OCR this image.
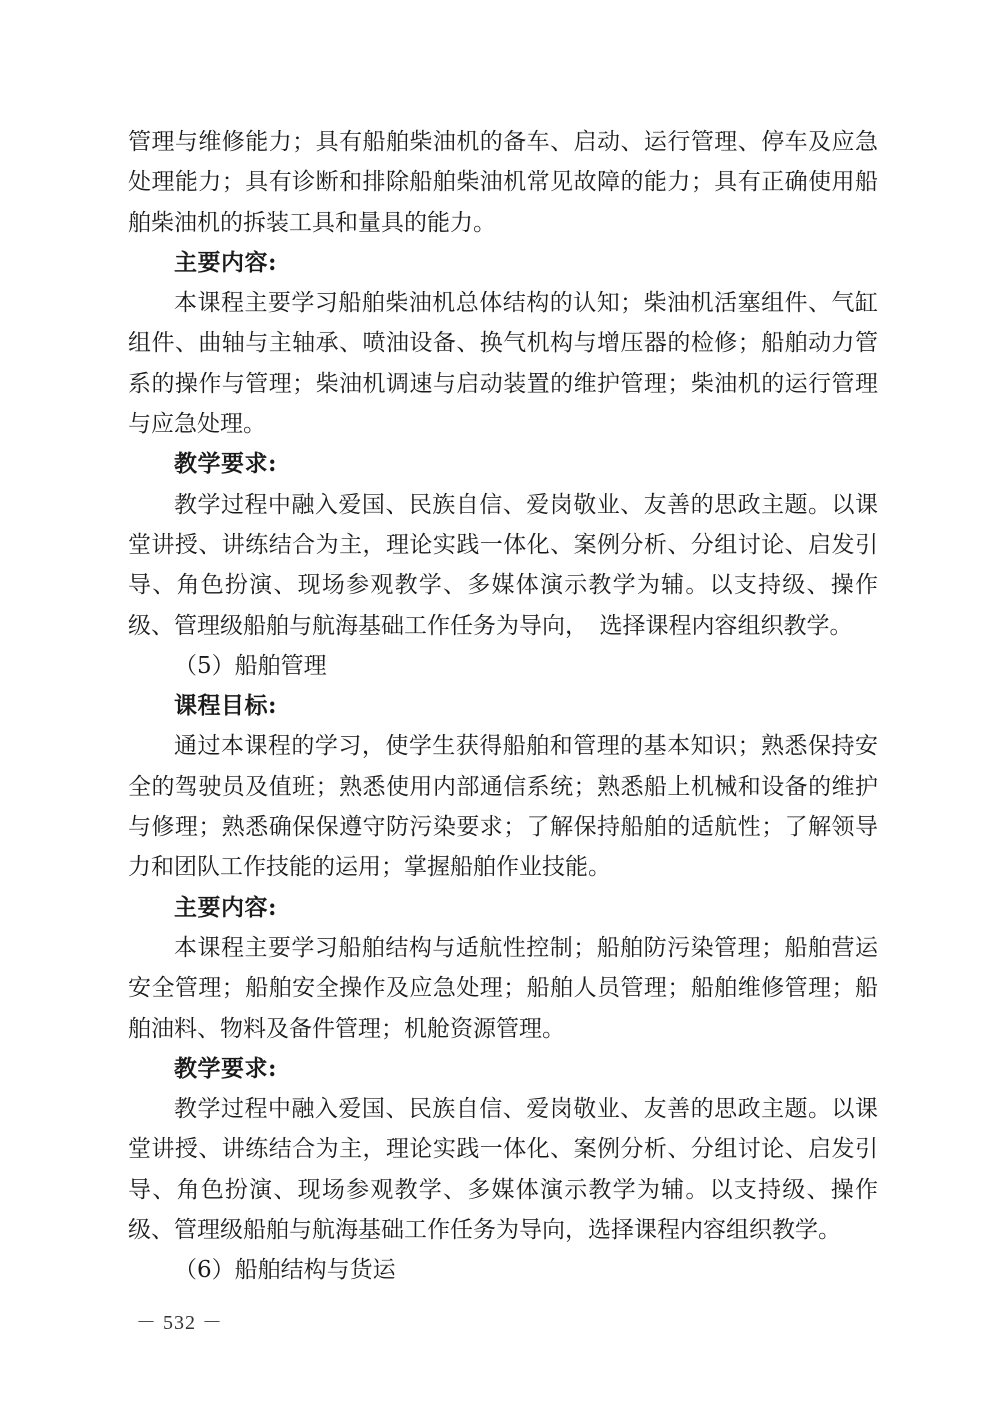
管理与维修能力；具有船舶柴油机的备车、启动、运行管理、停车及应急处理能力；具有诊断和排除船舶柴油机常见故障的能力；具有正确使用船舶柴油机的拆装工具和量具的能力。

主要内容:

本课程主要学习船舶柴油机总体结构的认知；柴油机活塞组件、气缸组件、曲轴与主轴承、喷油设备、换气机构与增压器的检修；船舶动力管系的操作与管理；柴油机调速与启动装置的维护管理；柴油机的运行管理与应急处理。

教学要求:

教学过程中融入爱国、民族自信、爱岗敬业、友善的思政主题。以课堂讲授、讲练结合为主，理论实践一体化、案例分析、分组讨论、启发引导、角色扮演、现场参观教学、多媒体演示教学为辅。以支持级、操作级、管理级船舶与航海基础工作任务为导向，　选择课程内容组织教学。

（5）船舶管理

课程目标:

通过本课程的学习，使学生获得船舶和管理的基本知识；熟悉保持安全的驾驶员及值班；熟悉使用内部通信系统；熟悉船上机械和设备的维护与修理；熟悉确保保遵守防污染要求；了解保持船舶的适航性；了解领导力和团队工作技能的运用；掌握船舶作业技能。

主要内容:

本课程主要学习船舶结构与适航性控制；船舶防污染管理；船舶营运安全管理；船舶安全操作及应急处理；船舶人员管理；船舶维修管理；船舶油料、物料及备件管理；机舱资源管理。

教学要求:

教学过程中融入爱国、民族自信、爱岗敬业、友善的思政主题。以课堂讲授、讲练结合为主，理论实践一体化、案例分析、分组讨论、启发引导、角色扮演、现场参观教学、多媒体演示教学为辅。以支持级、操作级、管理级船舶与航海基础工作任务为导向，选择课程内容组织教学。

（6）船舶结构与货运

－ 532 －
